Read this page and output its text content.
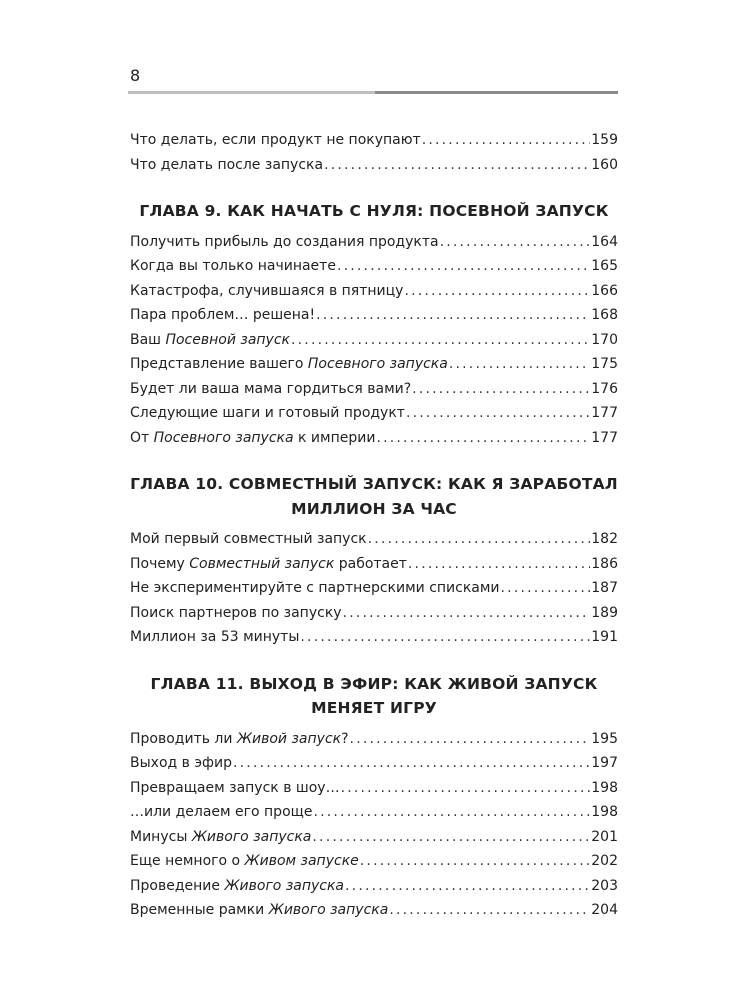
8
Что делать, если продукт не покупают .....	159
Что делать после запуска .....	160
ГЛАВА 9. КАК НАЧАТЬ С НУЛЯ: ПОСЕВНОЙ ЗАПУСК
Получить прибыль до создания продукта .....	164
Когда вы только начинаете .....	165
Катастрофа, случившаяся в пятницу .....	166
Пара проблем… решена! .....	168
Ваш Посевной запуск .....	170
Представление вашего Посевного запуска .....	175
Будет ли ваша мама гордиться вами? .....	176
Следующие шаги и готовый продукт .....	177
От Посевного запуска к империи .....	177
ГЛАВА 10. СОВМЕСТНЫЙ ЗАПУСК: КАК Я ЗАРАБОТАЛ МИЛЛИОН ЗА ЧАС
Мой первый совместный запуск .....	182
Почему Совместный запуск работает .....	186
Не экспериментируйте с партнерскими списками .....	187
Поиск партнеров по запуску .....	189
Миллион за 53 минуты .....	191
ГЛАВА 11. ВЫХОД В ЭФИР: КАК ЖИВОЙ ЗАПУСК МЕНЯЕТ ИГРУ
Проводить ли Живой запуск? .....	195
Выход в эфир .....	197
Превращаем запуск в шоу… .....	198
…или делаем его проще .....	198
Минусы Живого запуска .....	201
Еще немного о Живом запуске .....	202
Проведение Живого запуска .....	203
Временные рамки Живого запуска .....	204
